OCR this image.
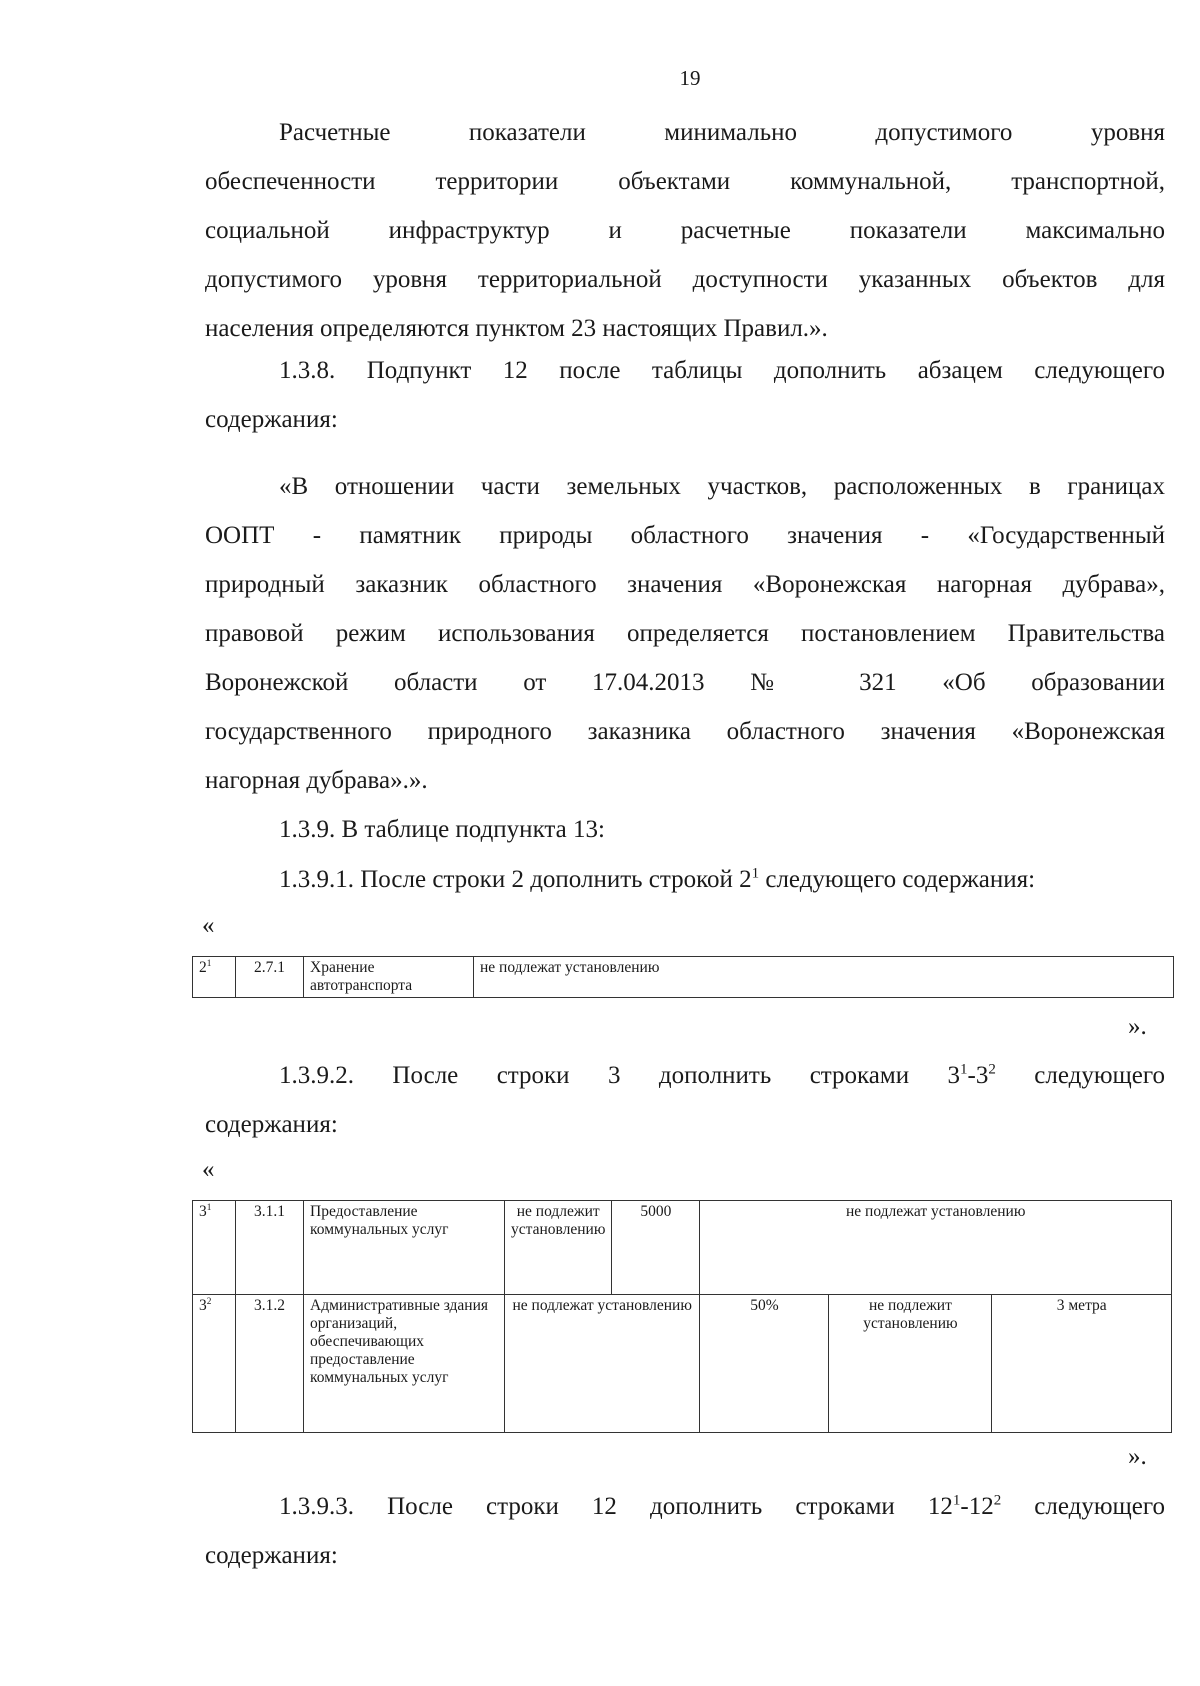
19
Расчетные показатели минимально допустимого уровня
обеспеченности территории объектами коммунальной, транспортной,
социальной инфраструктур и расчетные показатели максимально
допустимого уровня территориальной доступности указанных объектов для
населения определяются пунктом 23 настоящих Правил.».
1.3.8. Подпункт 12 после таблицы дополнить абзацем следующего
содержания:
«В отношении части земельных участков, расположенных в границах
ООПТ - памятник природы областного значения - «Государственный
природный заказник областного значения «Воронежская нагорная дубрава»,
правовой режим использования определяется постановлением Правительства
Воронежской области от 17.04.2013 № 321 «Об образовании
государственного природного заказника областного значения «Воронежская
нагорная дубрава».».
1.3.9. В таблице подпункта 13:
1.3.9.1. После строки 2 дополнить строкой $2^1$ следующего содержания:
«
$2^1$	2.7.1	Хранение автотранспорта	не подлежат установлению
».
1.3.9.2. После строки 3 дополнить строками $3^1-3^2$ следующего
содержания:
«
$3^1$	3.1.1	Предоставление коммунальных услуг	не подлежит установлению	5000	не подлежат установлению		
$3^2$	3.1.2	Административные здания организаций, обеспечивающих предоставление коммунальных услуг	не подлежат установлению		50%	не подлежит установлению	3 метра
».
1.3.9.3. После строки 12 дополнить строками $12^1-12^2$ следующего
содержания:
